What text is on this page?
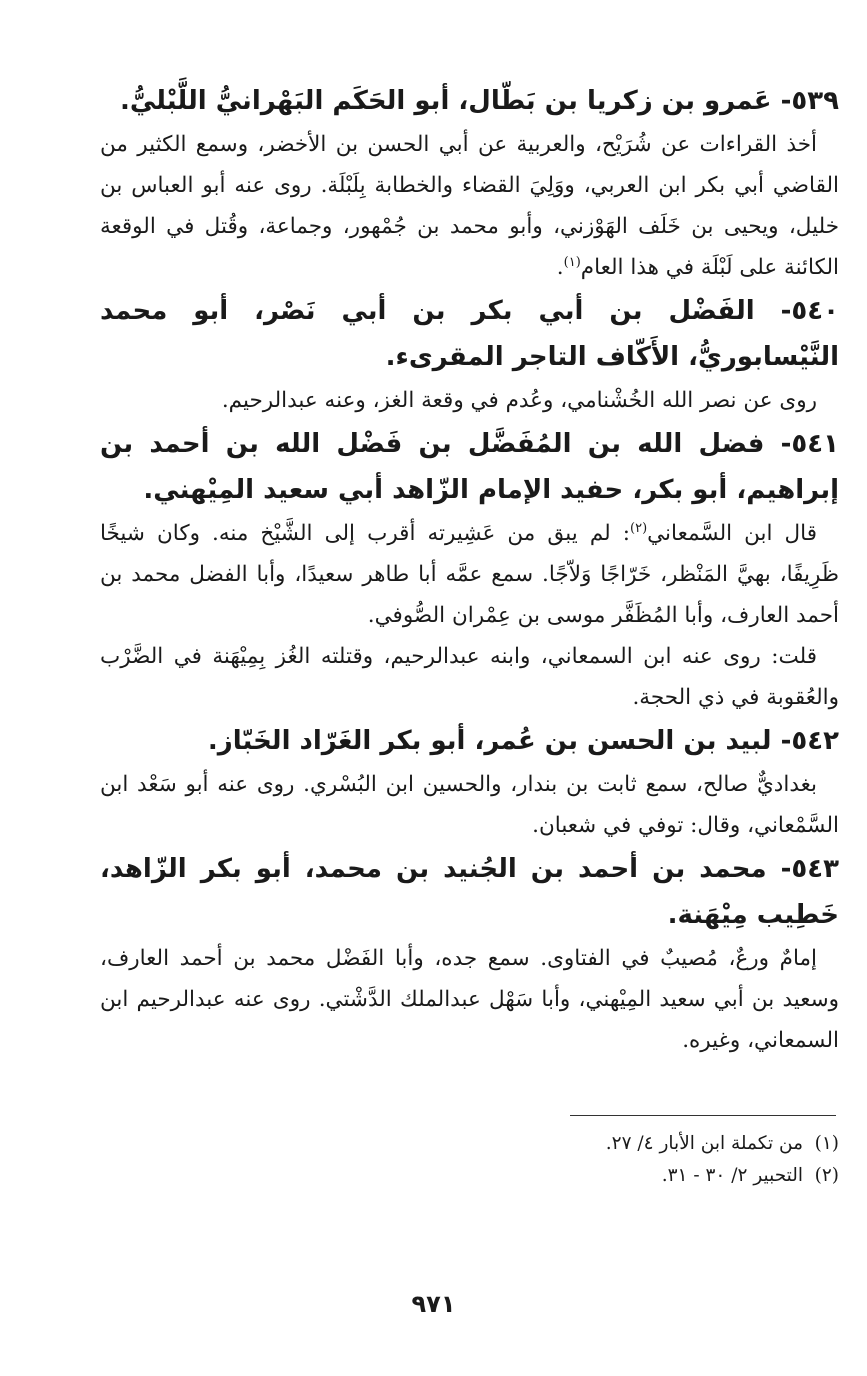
٥٣٩- عَمرو بن زكريا بن بَطّال، أبو الحَكَم البَهْرانيُّ اللَّبْليُّ.

أخذ القراءات عن شُرَيْح، والعربية عن أبي الحسن بن الأخضر، وسمع الكثير من القاضي أبي بكر ابن العربي، ووَلِيَ القضاء والخطابة بِلَبْلَة. روى عنه أبو العباس بن خليل، ويحيى بن خَلَف الهَوْزني، وأبو محمد بن جُمْهور، وجماعة، وقُتل في الوقعة الكائنة على لَبْلَة في هذا العام$^{(١)}$.

٥٤٠- الفَضْل بن أبي بكر بن أبي نَصْر، أبو محمد النَّيْسابوريُّ، الأَكّاف التاجر المقرىء.

روى عن نصر الله الخُشْنامي، وعُدم في وقعة الغز، وعنه عبدالرحيم.

٥٤١- فضل الله بن المُفَضَّل بن فَضْل الله بن أحمد بن إبراهيم، أبو بكر، حفيد الإمام الزّاهد أبي سعيد المِيْهني.

قال ابن السَّمعاني$^{(٢)}$: لم يبق من عَشِيرته أقرب إلى الشَّيْخ منه. وكان شيخًا ظَرِيفًا، بهيَّ المَنْظر، خَرّاجًا وَلاّجًا. سمع عمَّه أبا طاهر سعيدًا، وأبا الفضل محمد بن أحمد العارف، وأبا المُظَفَّر موسى بن عِمْران الصُّوفي.

قلت: روى عنه ابن السمعاني، وابنه عبدالرحيم، وقتلته الغُز بِمِيْهَنة في الضَّرْب والعُقوبة في ذي الحجة.

٥٤٢- لبيد بن الحسن بن عُمر، أبو بكر الغَرّاد الخَبّاز.

بغداديٌّ صالح، سمع ثابت بن بندار، والحسين ابن البُسْري. روى عنه أبو سَعْد ابن السَّمْعاني، وقال: توفي في شعبان.

٥٤٣- محمد بن أحمد بن الجُنيد بن محمد، أبو بكر الزّاهد، خَطِيب مِيْهَنة.

إمامٌ ورعٌ، مُصيبٌ في الفتاوى. سمع جده، وأبا الفَضْل محمد بن أحمد العارف، وسعيد بن أبي سعيد المِيْهني، وأبا سَهْل عبدالملك الدَّشْتي. روى عنه عبدالرحيم ابن السمعاني، وغيره.

(١)من تكملة ابن الأبار ٤/ ٢٧.

(٢)التحبير ٢/ ٣٠ - ٣١.

٩٧١
